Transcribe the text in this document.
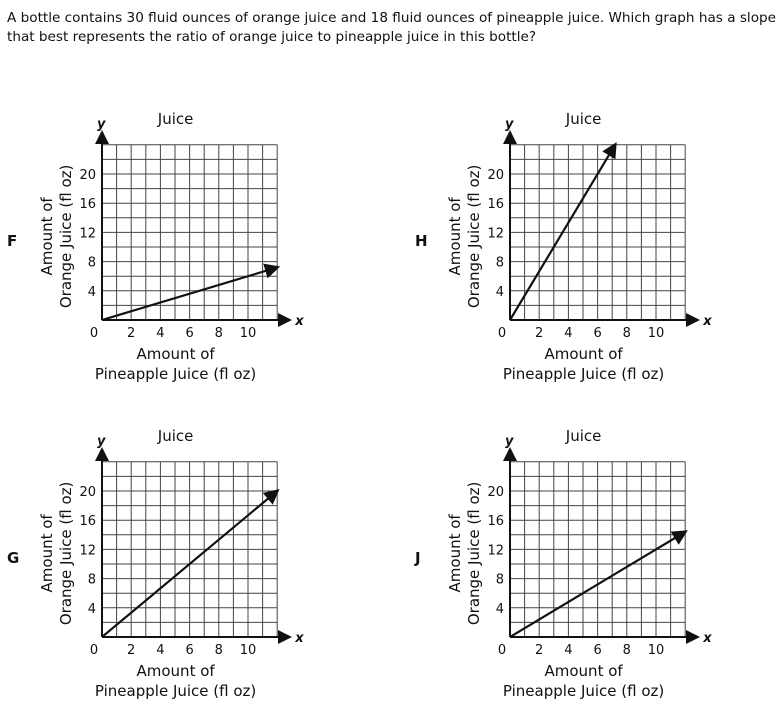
A bottle contains 30 fluid ounces of orange juice and 18 fluid ounces of pineapple juice. Which graph has a slope that best represents the ratio of orange juice to pineapple juice in this bottle?

F
Juice
x
y
0 2 4 6 8 10
4
8
12
16
20
Amount ofOrange Juice (fl oz)
Amount of Pineapple Juice (fl oz)
H
Juice
x
y
0 2 4 6 8 10
4
8
12
16
20
Amount ofOrange Juice (fl oz)
Amount of Pineapple Juice (fl oz)
G
Juice
x
y
0 2 4 6 8 10
4
8
12
16
20
Amount ofOrange Juice (fl oz)
Amount of Pineapple Juice (fl oz)
J
Juice
x
y
0 2 4 6 8 10
4
8
12
16
20
Amount ofOrange Juice (fl oz)
Amount of Pineapple Juice (fl oz)
